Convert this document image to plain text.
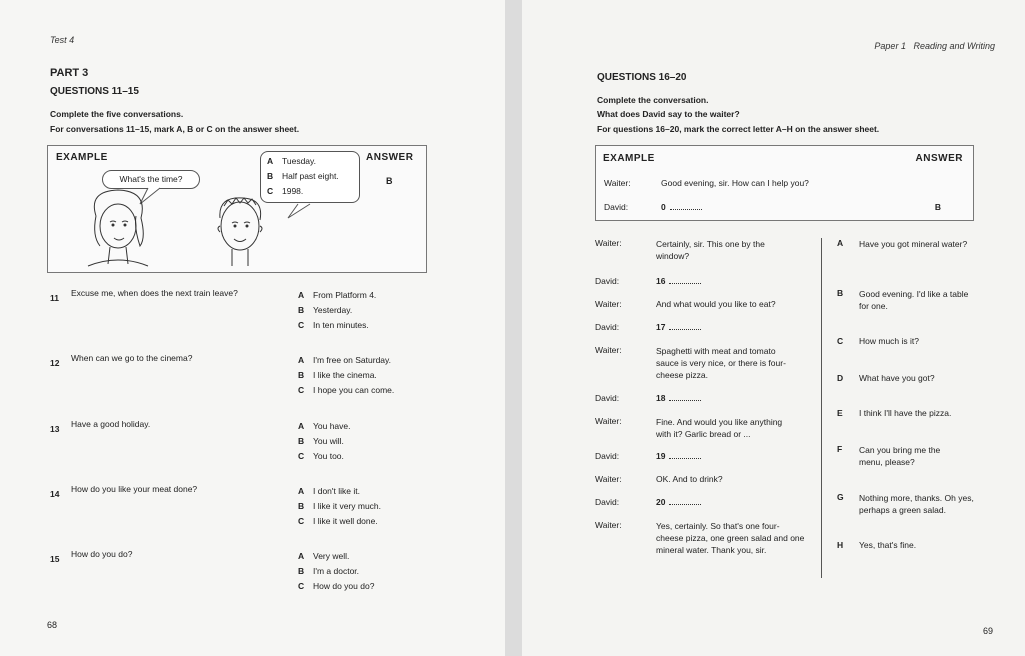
Test 4
PART 3
QUESTIONS 11–15
Complete the five conversations.
For conversations 11–15, mark A, B or C on the answer sheet.
EXAMPLE	ANSWER
B
What's the time?
A Tuesday.
B Half past eight.
C 1998.
11 Excuse me, when does the next train leave?	A From Platform 4.
B Yesterday.
C In ten minutes.
12 When can we go to the cinema?	A I'm free on Saturday.
B I like the cinema.
C I hope you can come.
13 Have a good holiday.	A You have.
B You will.
C You too.
14 How do you like your meat done?	A I don't like it.
B I like it very much.
C I like it well done.
15 How do you do?	A Very well.
B I'm a doctor.
C How do you do?
68
Paper 1   Reading and Writing
QUESTIONS 16–20
Complete the conversation.
What does David say to the waiter?
For questions 16–20, mark the correct letter A–H on the answer sheet.
EXAMPLE	ANSWER
Waiter:	Good evening, sir. How can I help you?
David:	0	B
Waiter:	Certainly, sir. This one by the window?
David:	16
Waiter:	And what would you like to eat?
David:	17
Waiter:	Spaghetti with meat and tomato sauce is very nice, or there is four-cheese pizza.
David:	18
Waiter:	Fine. And would you like anything with it? Garlic bread or ...
David:	19
Waiter:	OK. And to drink?
David:	20
Waiter:	Yes, certainly. So that's one four-cheese pizza, one green salad and one mineral water. Thank you, sir.
A Have you got mineral water?
B Good evening. I'd like a table for one.
C How much is it?
D What have you got?
E I think I'll have the pizza.
F Can you bring me the menu, please?
G Nothing more, thanks. Oh yes, perhaps a green salad.
H Yes, that's fine.
69
